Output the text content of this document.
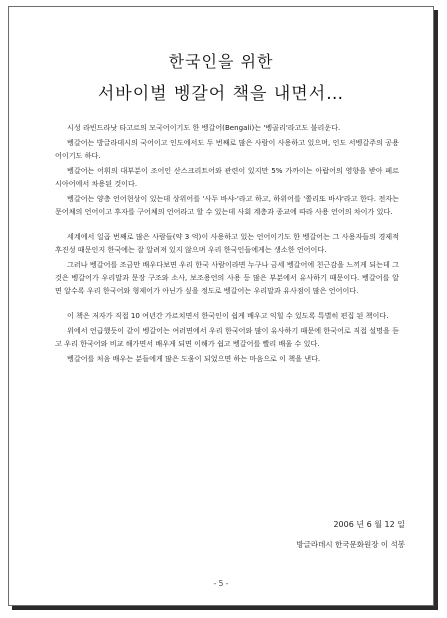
한국인을 위한
서바이벌 벵갈어 책을 내면서…

시성 라빈드라낫 타고르의 모국어이기도 한 벵갈어(Bengali)는 '벵골리'라고도 불리운다.

벵갈어는 방글라데시의 국어이고 인도에서도 두 번째로 많은 사람이 사용하고 있으며, 인도 서벵갈주의 공용어이기도 하다.

벵갈어는 어휘의 대부분이 조어인 산스크리트어와 관련이 있지만 5% 가까이는 아랍어의 영향을 받아 페르시아어에서 차용된 것이다.

벵갈어는 양층 언어현상이 있는데 상위어를 '사두 바샤-'라고 하고, 하위어를 '쫄리또 바샤'라고 한다. 전자는 문어체의 언어이고 후자를 구어체의 언어라고 할 수 있는데 사회 계층과 종교에 따라 사용 언어의 차이가 있다.

세계에서 일곱 번째로 많은 사람들(약 3 억)이 사용하고 있는 언어이기도 한 벵갈어는 그 사용자들의 경제적 후진성 때문인지 한국에는 잘 알려져 있지 않으며 우리 한국인들에게는 생소한 언어이다.

그러나 벵갈어를 조금만 배우다보면 우리 한국 사람이라면 누구나 금세 벵갈어에 친근감을 느끼게 되는데 그것은 벵갈어가 우리말과 문장 구조와 소사, 보조용언의 사용 등 많은 부분에서 유사하기 때문이다. 벵갈어를 알면 알수록 우리 한국어와 형제어가 아닌가 싶을 정도로 벵갈어는 우리말과 유사점이 많은 언어이다.

이 책은 저자가 직접 10 여년간 가르치면서 한국인이 쉽게 배우고 익힐 수 있도록 특별히 편집 된 책이다.

위에서 언급했듯이 같이 벵갈어는 여러면에서 우리 한국어와 많이 유사하기 때문에 한국어로 직접 설명을 듣고 우리 한국어와 비교 해가면서 배우게 되면 이해가 쉽고 벵갈어를 빨리 배울 수 있다.

벵갈어를 처음 배우는 분들에게 많은 도움이 되었으면 하는 마음으로 이 책을 낸다.

2006 년 6 월 12 일
방글라데시 한국문화원장 이 석봉
- 5 -
